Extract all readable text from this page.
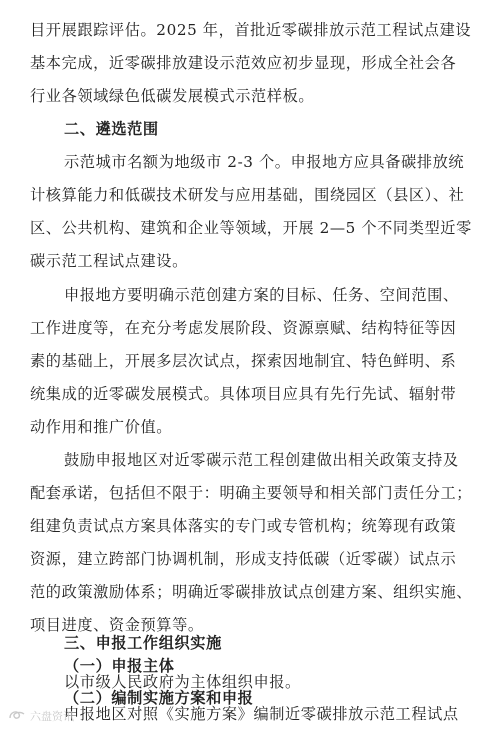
目开展跟踪评估。2025 年，首批近零碳排放示范工程试点建设
基本完成，近零碳排放建设示范效应初步显现，形成全社会各
行业各领域绿色低碳发展模式示范样板。
二、遴选范围
示范城市名额为地级市 2-3 个。申报地方应具备碳排放统
计核算能力和低碳技术研发与应用基础，围绕园区（县区）、社
区、公共机构、建筑和企业等领域，开展 2—5 个不同类型近零
碳示范工程试点建设。
申报地方要明确示范创建方案的目标、任务、空间范围、
工作进度等，在充分考虑发展阶段、资源禀赋、结构特征等因
素的基础上，开展多层次试点，探索因地制宜、特色鲜明、系
统集成的近零碳发展模式。具体项目应具有先行先试、辐射带
动作用和推广价值。
鼓励申报地区对近零碳示范工程创建做出相关政策支持及
配套承诺，包括但不限于：明确主要领导和相关部门责任分工；
组建负责试点方案具体落实的专门或专管机构；统筹现有政策
资源，建立跨部门协调机制，形成支持低碳（近零碳）试点示
范的政策激励体系；明确近零碳排放试点创建方案、组织实施、
项目进度、资金预算等。
三、申报工作组织实施
（一）申报主体
以市级人民政府为主体组织申报。
（二）编制实施方案和申报
申报地区对照《实施方案》编制近零碳排放示范工程试点
六盘资讯
